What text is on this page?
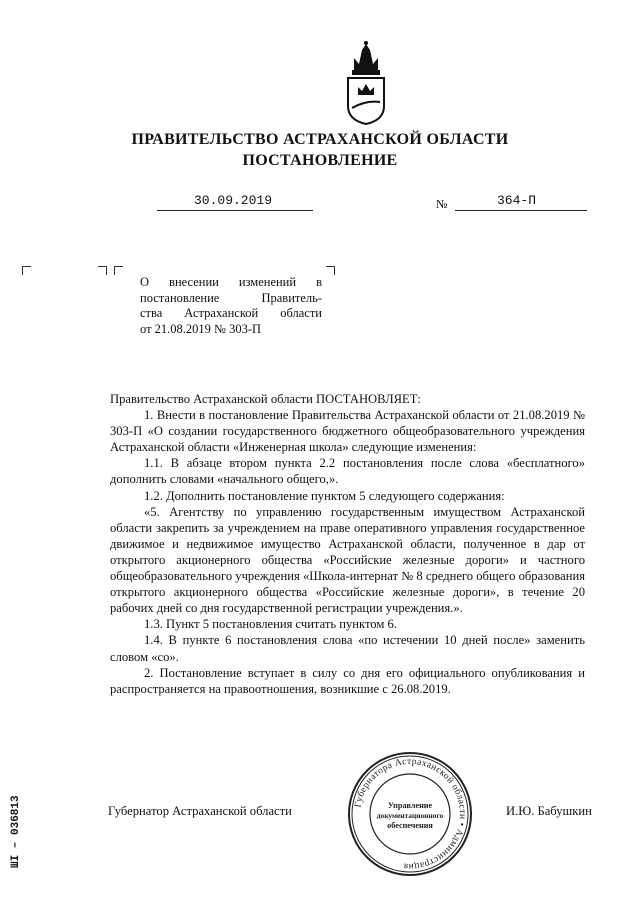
ПРАВИТЕЛЬСТВО АСТРАХАНСКОЙ ОБЛАСТИ
ПОСТАНОВЛЕНИЕ
30.09.2019	№	364-П
О внесении изменений в
постановление Правитель-
ства Астраханской области
от 21.08.2019 № 303-П

Правительство Астраханской области ПОСТАНОВЛЯЕТ:

1. Внести в постановление Правительства Астраханской области от 21.08.2019 № 303-П «О создании государственного бюджетного общеобразовательного учреждения Астраханской области «Инженерная школа» следующие изменения:

1.1. В абзаце втором пункта 2.2 постановления после слова «бесплатного» дополнить словами «начального общего,».

1.2. Дополнить постановление пунктом 5 следующего содержания:

«5. Агентству по управлению государственным имуществом Астраханской области закрепить за учреждением на праве оперативного управления государственное движимое и недвижимое имущество Астраханской области, полученное в дар от открытого акционерного общества «Российские железные дороги» и частного общеобразовательного учреждения «Школа-интернат № 8 среднего общего образования открытого акционерного общества «Российские железные дороги», в течение 20 рабочих дней со дня государственной регистрации учреждения.».

1.3. Пункт 5 постановления считать пунктом 6.

1.4. В пункте 6 постановления слова «по истечении 10 дней после» заменить словом «со».

2. Постановление вступает в силу со дня его официального опубликования и распространяется на правоотношения, возникшие с 26.08.2019.

Губернатор Астраханской области	И.Ю. Бабушкин
Губернатора Астраханской области • Администрация
Управление
документационного
обеспечения
ШI – 036813
